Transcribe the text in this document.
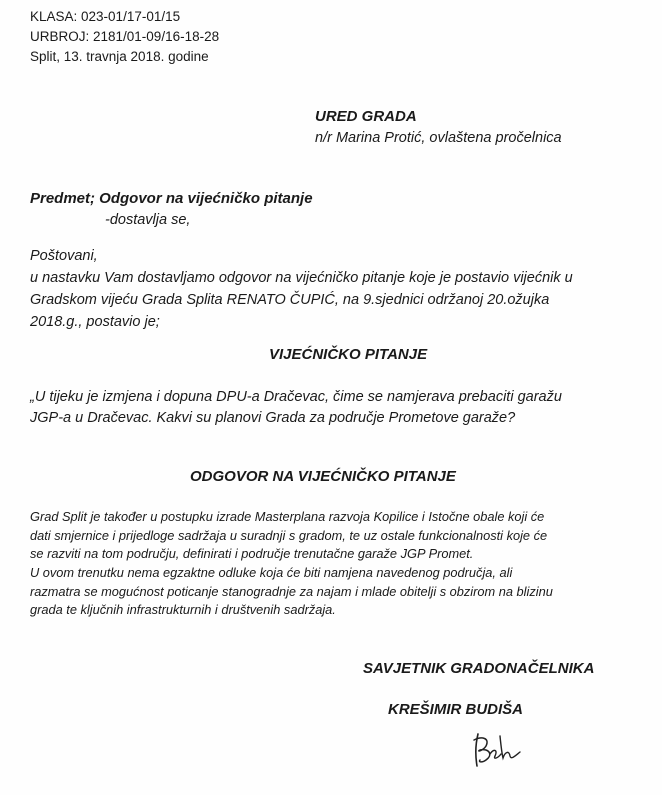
KLASA: 023-01/17-01/15
URBROJ: 2181/01-09/16-18-28
Split, 13. travnja 2018. godine
URED GRADA
n/r Marina Protić, ovlaštena pročelnica
Predmet; Odgovor na vijećničko pitanje
-dostavlja se,
Poštovani,
u nastavku Vam dostavljamo odgovor na vijećničko pitanje koje je postavio vijećnik u
Gradskom vijeću Grada Splita RENATO ČUPIĆ, na 9.sjednici održanoj 20.ožujka
2018.g., postavio je;
VIJEĆNIČKO PITANJE
„U tijeku je izmjena i dopuna DPU-a Dračevac, čime se namjerava prebaciti garažu
JGP-a u Dračevac. Kakvi su planovi Grada za područje Prometove garaže?
ODGOVOR NA VIJEĆNIČKO PITANJE
Grad Split je također u postupku izrade Masterplana razvoja Kopilice i Istočne obale koji će
dati smjernice i prijedloge sadržaja u suradnji s gradom, te uz ostale funkcionalnosti koje će
se razviti na tom području, definirati i područje trenutačne garaže JGP Promet.
U ovom trenutku nema egzaktne odluke koja će biti namjena navedenog područja, ali
razmatra se mogućnost poticanje stanogradnje za najam i mlade obitelji s obzirom na blizinu
grada te ključnih infrastrukturnih i društvenih sadržaja.
SAVJETNIK GRADONAČELNIKA
KREŠIMIR BUDIŠA
